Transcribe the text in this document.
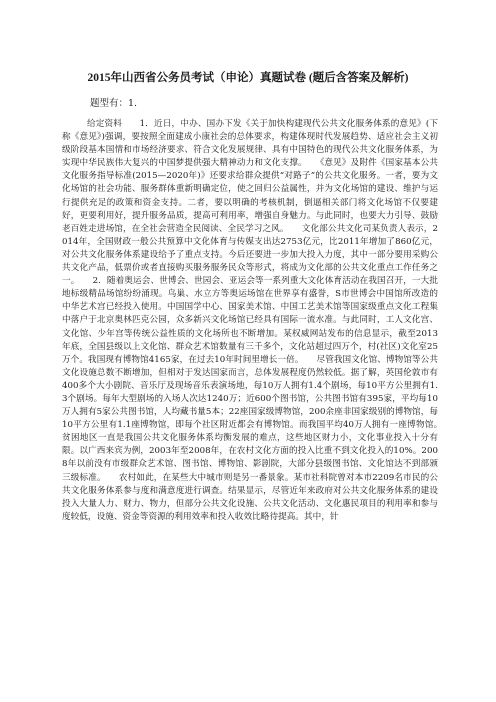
2015年山西省公务员考试（申论）真题试卷 (题后含答案及解析)

题型有：1.

给定资料　　1．近日，中办、国办下发《关于加快构建现代公共文化服务体系的意见》(下称《意见》)强调，要按照全面建成小康社会的总体要求，构建体现时代发展趋势、适应社会主义初级阶段基本国情和市场经济要求、符合文化发展规律、具有中国特色的现代公共文化服务体系，为实现中华民族伟大复兴的中国梦提供强大精神动力和文化支撑。　　《意见》及附件《国家基本公共文化服务指导标准(2015—2020年)》还要求给群众提供“对路子”的公共文化服务。一者，要为文化场馆的社会功能、服务群体重新明确定位，使之回归公益属性，并为文化场馆的建设、维护与运行提供充足的政策和资金支持。二者，要以明确的考核机制，倒逼相关部门将文化场馆不仅要建好，更要利用好，提升服务品质，提高可利用率，增强自身魅力。与此同时，也要大力引导、鼓励老百姓走进场馆，在全社会营造全民阅读、全民学习之风。　　文化部公共文化司某负责人表示，2014年，全国财政一般公共预算中文化体育与传媒支出达2753亿元，比2011年增加了860亿元，对公共文化服务体系建设给予了重点支持。今后还要进一步加大投入力度，其中一部分要用采购公共文化产品，低票价或者直接购买服务服务民众等形式，将成为文化部的公共文化重点工作任务之一。　　2．随着奥运会、世博会、世园会、亚运会等一系列重大文化体育活动在我国召开，一大批地标级精品场馆纷纷涌现。鸟巢、水立方等奥运场馆在世界享有盛誉，S市世博会中国馆所改造的中华艺术宫已经投入使用。中国国学中心、国家美术馆、中国工艺美术馆等国家级重点文化工程集中落户于北京奥林匹克公园，众多新兴文化场馆已经具有国际一流水准。与此同时，工人文化宫、文化馆、少年宫等传统公益性质的文化场所也不断增加。某权威网站发布的信息显示，截至2013年底，全国县级以上文化馆、群众艺术馆数量有三千多个，文化站超过四万个，村(社区)文化室25万个。我国现有博物馆4165家，在过去10年时间里增长一倍。　　尽管我国文化馆、博物馆等公共文化设施总数不断增加，但相对于发达国家而言，总体发展程度仍然较低。据了解，英国伦敦市有400多个大小剧院、音乐厅及现场音乐表演场地，每10万人拥有1.4个剧场，每10平方公里拥有1.3个剧场。每年大型剧场的入场人次达1240万；近600个图书馆，公共图书馆有395家，平均每10万人拥有5家公共图书馆，人均藏书量5本；22座国家级博物馆，200余座非国家级别的博物馆，每10平方公里有1.1座博物馆，即每个社区附近都会有博物馆。而我国平均40万人拥有一座博物馆。　　贫困地区一直是我国公共文化服务体系均衡发展的难点，这些地区财力小，文化事业投入十分有限。以广西来宾为例，2003年至2008年，在农村文化方面的投入比重不到文化投入的10%。2008年以前没有市级群众艺术馆、图书馆、博物馆、影剧院，大部分县级图书馆、文化馆达不到部颁三级标准。　　农村如此，在某些大中城市则是另一番景象。某市社科院曾对本市2209名市民的公共文化服务体系参与度和满意度进行调查。结果显示，尽管近年来政府对公共文化服务体系的建设投入大量人力、财力、物力，但部分公共文化设施、公共文化活动、文化惠民项目的利用率和参与度较低，设施、资金等资源的利用效率和投入收效比略待提高。其中，针
